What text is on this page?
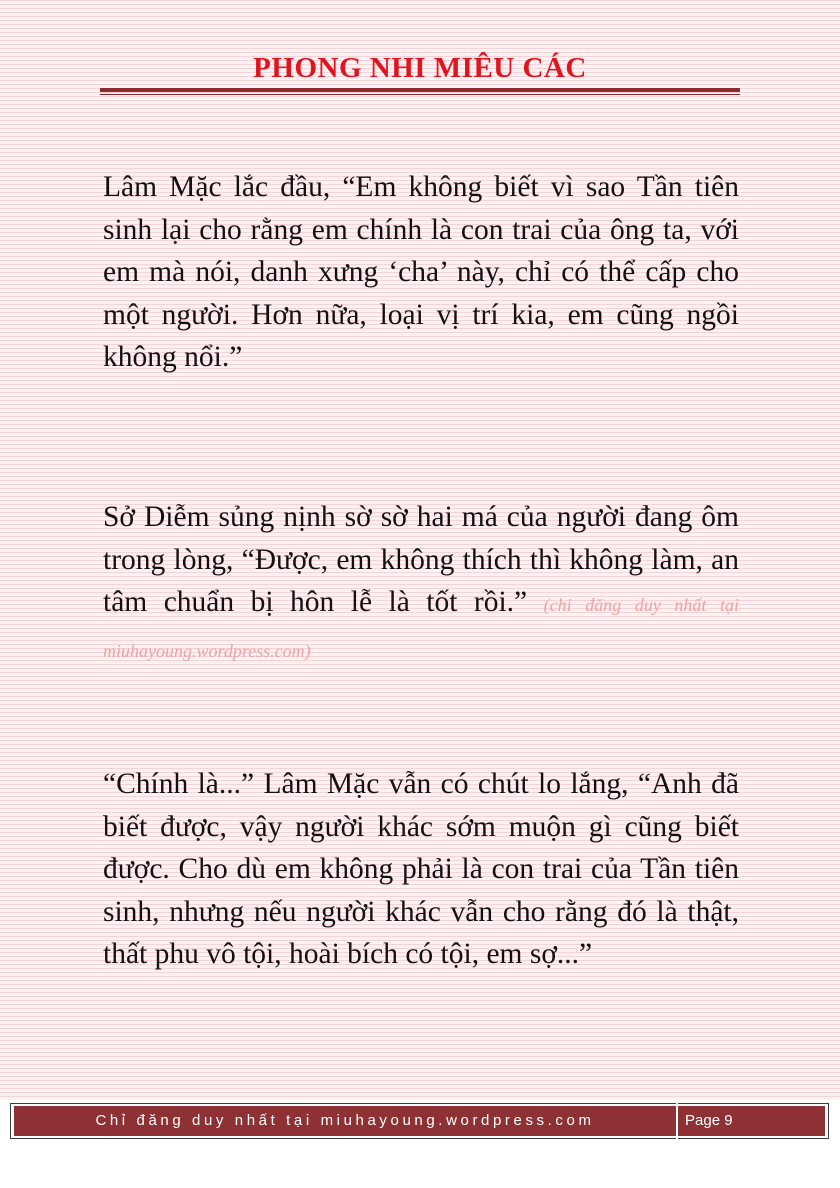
PHONG NHI MIÊU CÁC

Lâm Mặc lắc đầu, “Em không biết vì sao Tần tiên sinh lại cho rằng em chính là con trai của ông ta, với em mà nói, danh xưng ‘cha’ này, chỉ có thể cấp cho một người. Hơn nữa, loại vị trí kia, em cũng ngồi không nổi.”

Sở Diễm sủng nịnh sờ sờ hai má của người đang ôm trong lòng, “Được, em không thích thì không làm, an tâm chuẩn bị hôn lễ là tốt rồi.” (chỉ đăng duy nhất tại miuhayoung.wordpress.com)

“Chính là...” Lâm Mặc vẫn có chút lo lắng, “Anh đã biết được, vậy người khác sớm muộn gì cũng biết được. Cho dù em không phải là con trai của Tần tiên sinh, nhưng nếu người khác vẫn cho rằng đó là thật, thất phu vô tội, hoài bích có tội, em sợ...”

Chỉ đăng duy nhất tại miuhayoung.wordpress.com	Page 9
